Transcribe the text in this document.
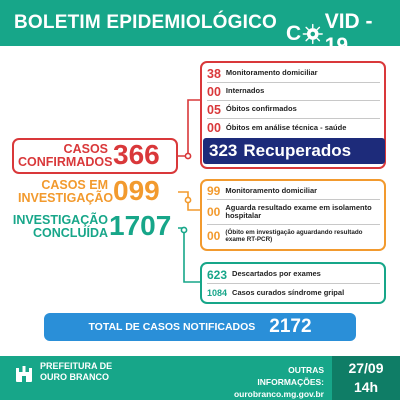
BOLETIM EPIDEMIOLÓGICO C
VID - 19
CASOS CONFIRMADOS 366
CASOS EM INVESTIGAÇÃO 099
INVESTIGAÇÃO CONCLUÍDA 1707
38 Monitoramento domiciliar
00 Internados
05 Óbitos confirmados
00 Óbitos em análise técnica - saúde
323 Recuperados
99 Monitoramento domiciliar
00 Aguarda resultado exame em isolamento hospitalar
00 (Óbito em investigação aguardando resultado exame RT-PCR)
623 Descartados por exames
1084 Casos curados síndrome gripal
TOTAL DE CASOS NOTIFICADOS 2172
PREFEITURA DE
OURO BRANCO
OUTRAS INFORMAÇÕES:
ourobranco.mg.gov.br
27/09
14h
